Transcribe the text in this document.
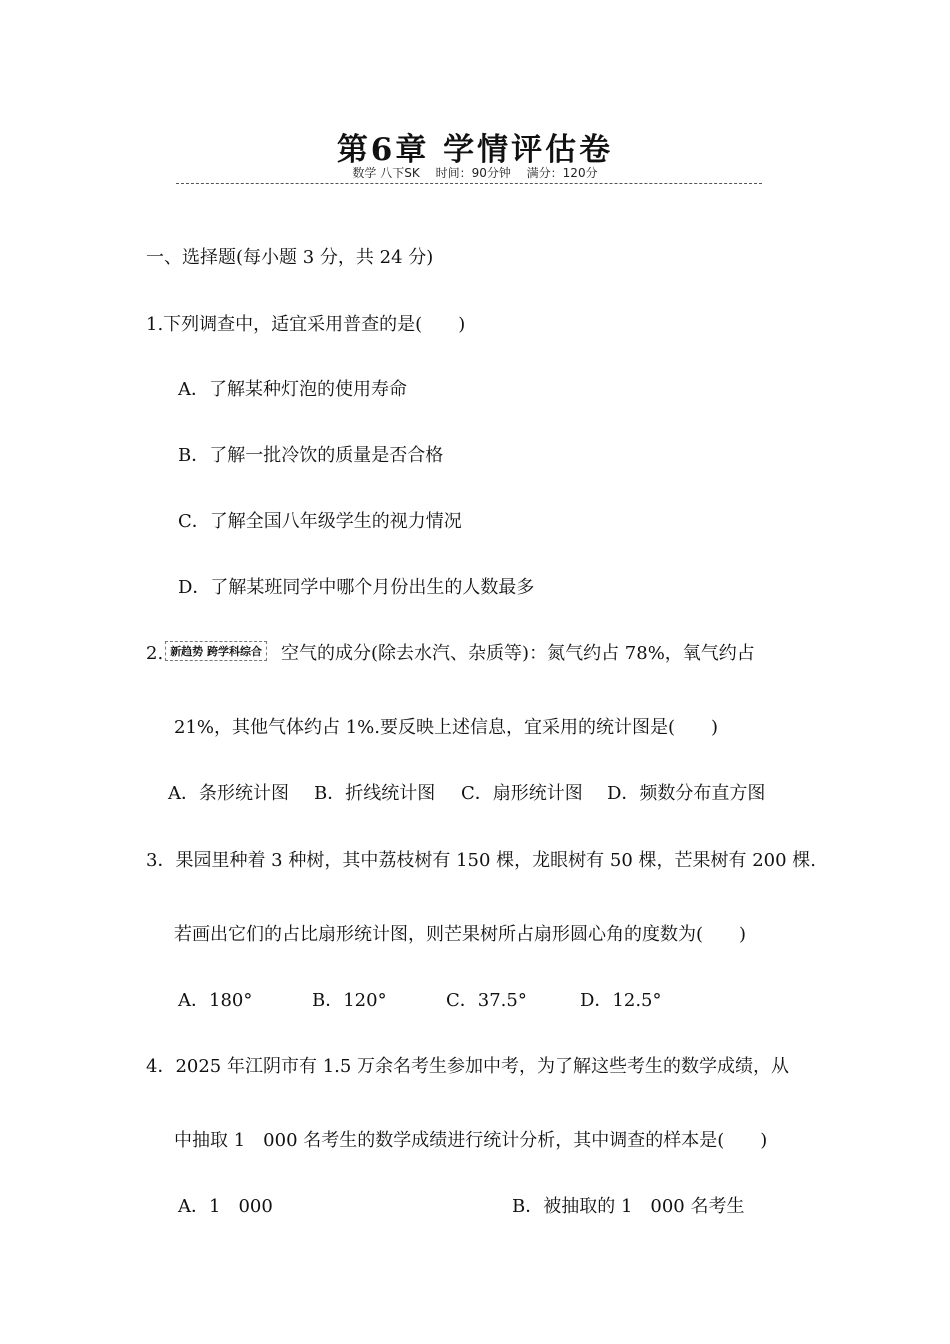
第6章 学情评估卷
数学 八下SK 时间：90分钟 满分：120分
一、选择题(每小题 3 分，共 24 分)
1.下列调查中，适宜采用普查的是(　　)
A．了解某种灯泡的使用寿命
B．了解一批冷饮的质量是否合格
C．了解全国八年级学生的视力情况
D．了解某班同学中哪个月份出生的人数最多
2. 新趋势 跨学科综合 空气的成分(除去水汽、杂质等)：氮气约占 78%，氧气约占
21%，其他气体约占 1%.要反映上述信息，宜采用的统计图是(　　)
A．条形统计图 B．折线统计图 C．扇形统计图 D．频数分布直方图
3．果园里种着 3 种树，其中荔枝树有 150 棵，龙眼树有 50 棵，芒果树有 200 棵.
若画出它们的占比扇形统计图，则芒果树所占扇形圆心角的度数为(　　)
A．180°	B．120°	C．37.5°	D．12.5°
4．2025 年江阴市有 1.5 万余名考生参加中考，为了解这些考生的数学成绩，从
中抽取 1　000 名考生的数学成绩进行统计分析，其中调查的样本是(　　)
A．1　000	B．被抽取的 1　000 名考生
